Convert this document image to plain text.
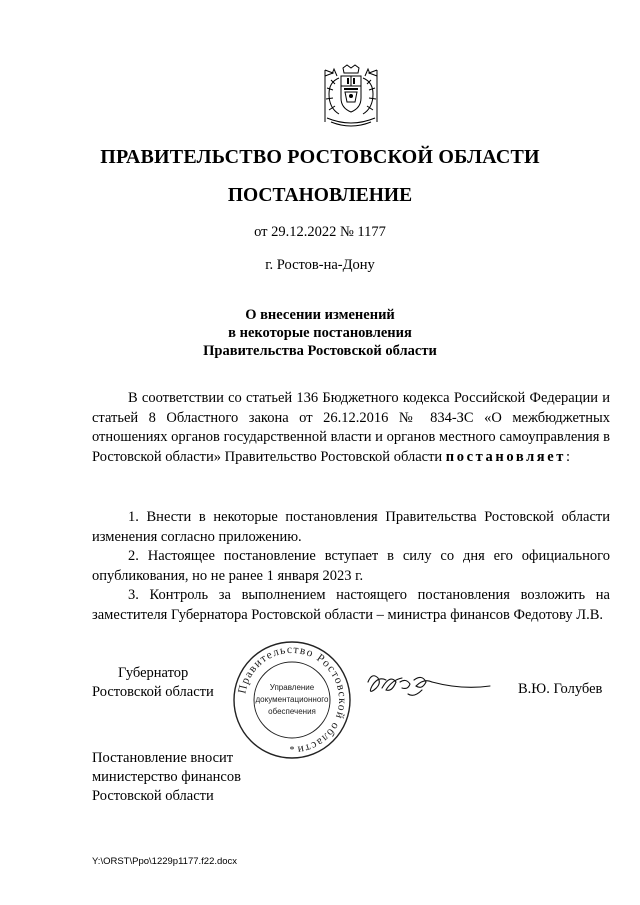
ПРАВИТЕЛЬСТВО РОСТОВСКОЙ ОБЛАСТИ
ПОСТАНОВЛЕНИЕ
от 29.12.2022 № 1177
г. Ростов-на-Дону
О внесении изменений
в некоторые постановления
Правительства Ростовской области
В соответствии со статьей 136 Бюджетного кодекса Российской Федерации и статьей 8 Областного закона от 26.12.2016 № 834-ЗС «О межбюджетных отношениях органов государственной власти и органов местного самоуправления в Ростовской области» Правительство Ростовской области постановляет:
1. Внести в некоторые постановления Правительства Ростовской области изменения согласно приложению.
2. Настоящее постановление вступает в силу со дня его официального опубликования, но не ранее 1 января 2023 г.
3. Контроль за выполнением настоящего постановления возложить на заместителя Губернатора Ростовской области – министра финансов Федотову Л.В.
Губернатор
Ростовской области Правительство Ростовской области
Управление
документационного
обеспечения
*
В.Ю. Голубев
Постановление вносит
министерство финансов
Ростовской области
Y:\ORST\Ppo\1229p1177.f22.docx
